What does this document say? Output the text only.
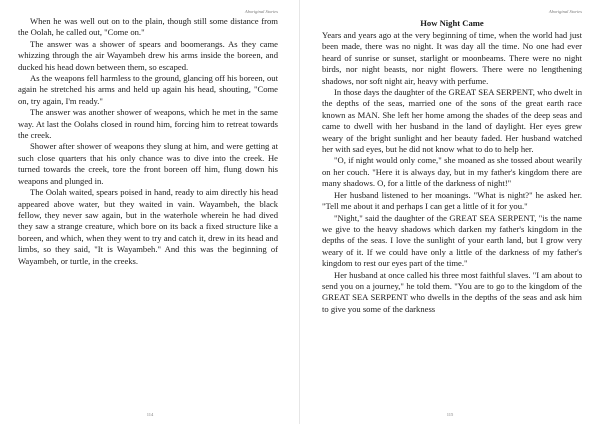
Aboriginal Stories

When he was well out on to the plain, though still some distance from the Oolah, he called out, "Come on."

The answer was a shower of spears and boomerangs. As they came whizzing through the air Wayambeh drew his arms inside the boreen, and ducked his head down between them, so escaped.

As the weapons fell harmless to the ground, glancing off his boreen, out again he stretched his arms and held up again his head, shouting, "Come on, try again, I'm ready."

The answer was another shower of weapons, which he met in the same way. At last the Oolahs closed in round him, forcing him to retreat towards the creek.

Shower after shower of weapons they slung at him, and were getting at such close quarters that his only chance was to dive into the creek. He turned towards the creek, tore the front boreen off him, flung down his weapons and plunged in.

The Oolah waited, spears poised in hand, ready to aim directly his head appeared above water, but they waited in vain. Wayambeh, the black fellow, they never saw again, but in the waterhole wherein he had dived they saw a strange creature, which bore on its back a fixed structure like a boreen, and which, when they went to try and catch it, drew in its head and limbs, so they said, "It is Wayambeh." And this was the beginning of Wayambeh, or turtle, in the creeks.

114
Aboriginal Stories
How Night Came

Years and years ago at the very beginning of time, when the world had just been made, there was no night. It was day all the time. No one had ever heard of sunrise or sunset, starlight or moonbeams. There were no night birds, nor night beasts, nor night flowers. There were no lengthening shadows, nor soft night air, heavy with perfume.

In those days the daughter of the GREAT SEA SERPENT, who dwelt in the depths of the seas, married one of the sons of the great earth race known as MAN. She left her home among the shades of the deep seas and came to dwell with her husband in the land of daylight. Her eyes grew weary of the bright sunlight and her beauty faded. Her husband watched her with sad eyes, but he did not know what to do to help her.

"O, if night would only come," she moaned as she tossed about wearily on her couch. "Here it is always day, but in my father's kingdom there are many shadows. O, for a little of the darkness of night!"

Her husband listened to her moanings. "What is night?" he asked her. "Tell me about it and perhaps I can get a little of it for you."

"Night," said the daughter of the GREAT SEA SERPENT, "is the name we give to the heavy shadows which darken my father's kingdom in the depths of the seas. I love the sunlight of your earth land, but I grow very weary of it. If we could have only a little of the darkness of my father's kingdom to rest our eyes part of the time."

Her husband at once called his three most faithful slaves. "I am about to send you on a journey," he told them. "You are to go to the kingdom of the GREAT SEA SERPENT who dwells in the depths of the seas and ask him to give you some of the darkness

115
